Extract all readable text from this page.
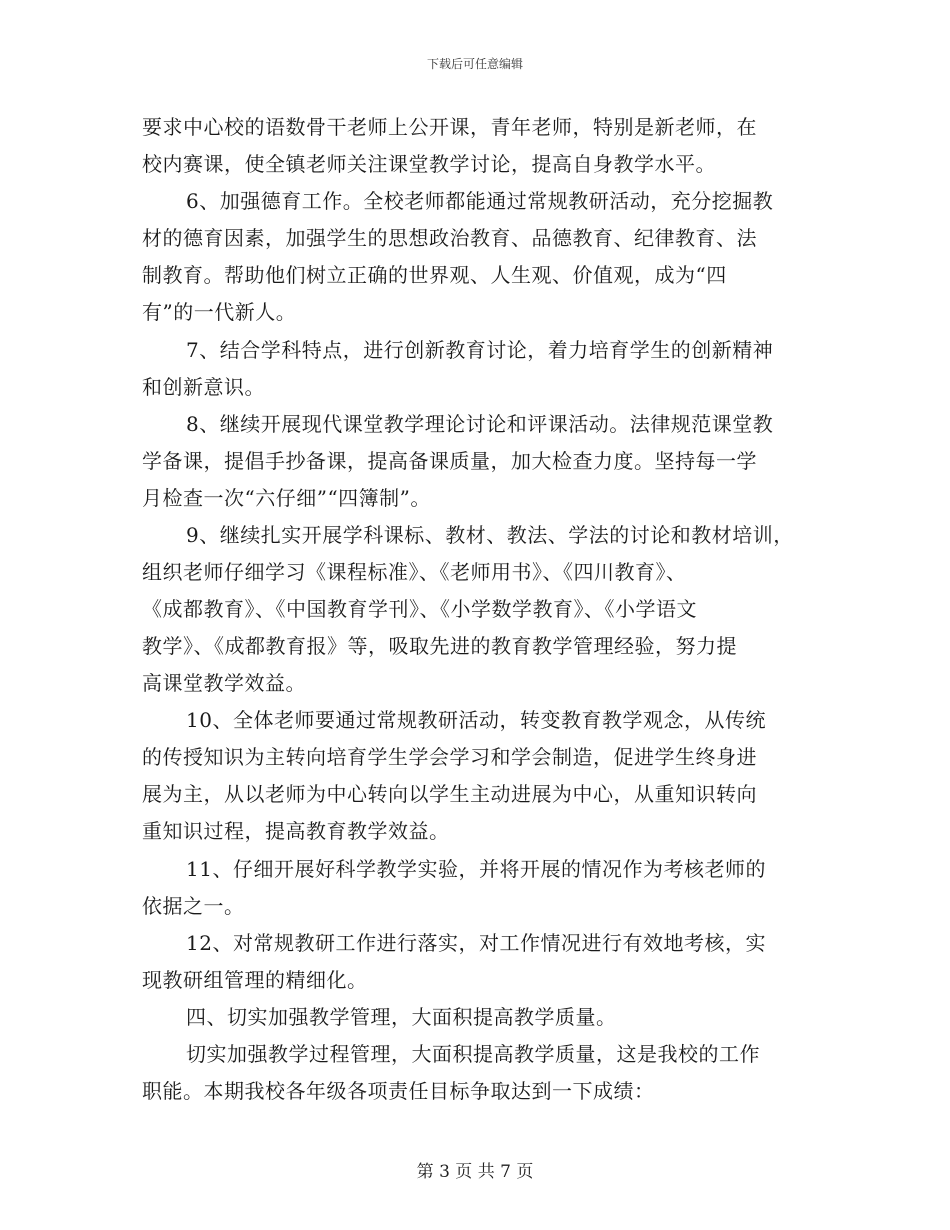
下载后可任意编辑
要求中心校的语数骨干老师上公开课，青年老师，特别是新老师，在
校内赛课，使全镇老师关注课堂教学讨论，提高自身教学水平。
6、加强德育工作。全校老师都能通过常规教研活动，充分挖掘教
材的德育因素，加强学生的思想政治教育、品德教育、纪律教育、法
制教育。帮助他们树立正确的世界观、人生观、价值观，成为“四
有”的一代新人。
7、结合学科特点，进行创新教育讨论，着力培育学生的创新精神
和创新意识。
8、继续开展现代课堂教学理论讨论和评课活动。法律规范课堂教
学备课，提倡手抄备课，提高备课质量，加大检查力度。坚持每一学
月检查一次“六仔细”“四簿制”。
9、继续扎实开展学科课标、教材、教法、学法的讨论和教材培训，
组织老师仔细学习《课程标准》、《老师用书》、《四川教育》、
《成都教育》、《中国教育学刊》、《小学数学教育》、《小学语文
教学》、《成都教育报》等，吸取先进的教育教学管理经验，努力提
高课堂教学效益。
10、全体老师要通过常规教研活动，转变教育教学观念，从传统
的传授知识为主转向培育学生学会学习和学会制造，促进学生终身进
展为主，从以老师为中心转向以学生主动进展为中心，从重知识转向
重知识过程，提高教育教学效益。
11、仔细开展好科学教学实验，并将开展的情况作为考核老师的
依据之一。
12、对常规教研工作进行落实，对工作情况进行有效地考核，实
现教研组管理的精细化。
四、切实加强教学管理，大面积提高教学质量。
切实加强教学过程管理，大面积提高教学质量，这是我校的工作
职能。本期我校各年级各项责任目标争取达到一下成绩：
第 3 页 共 7 页
